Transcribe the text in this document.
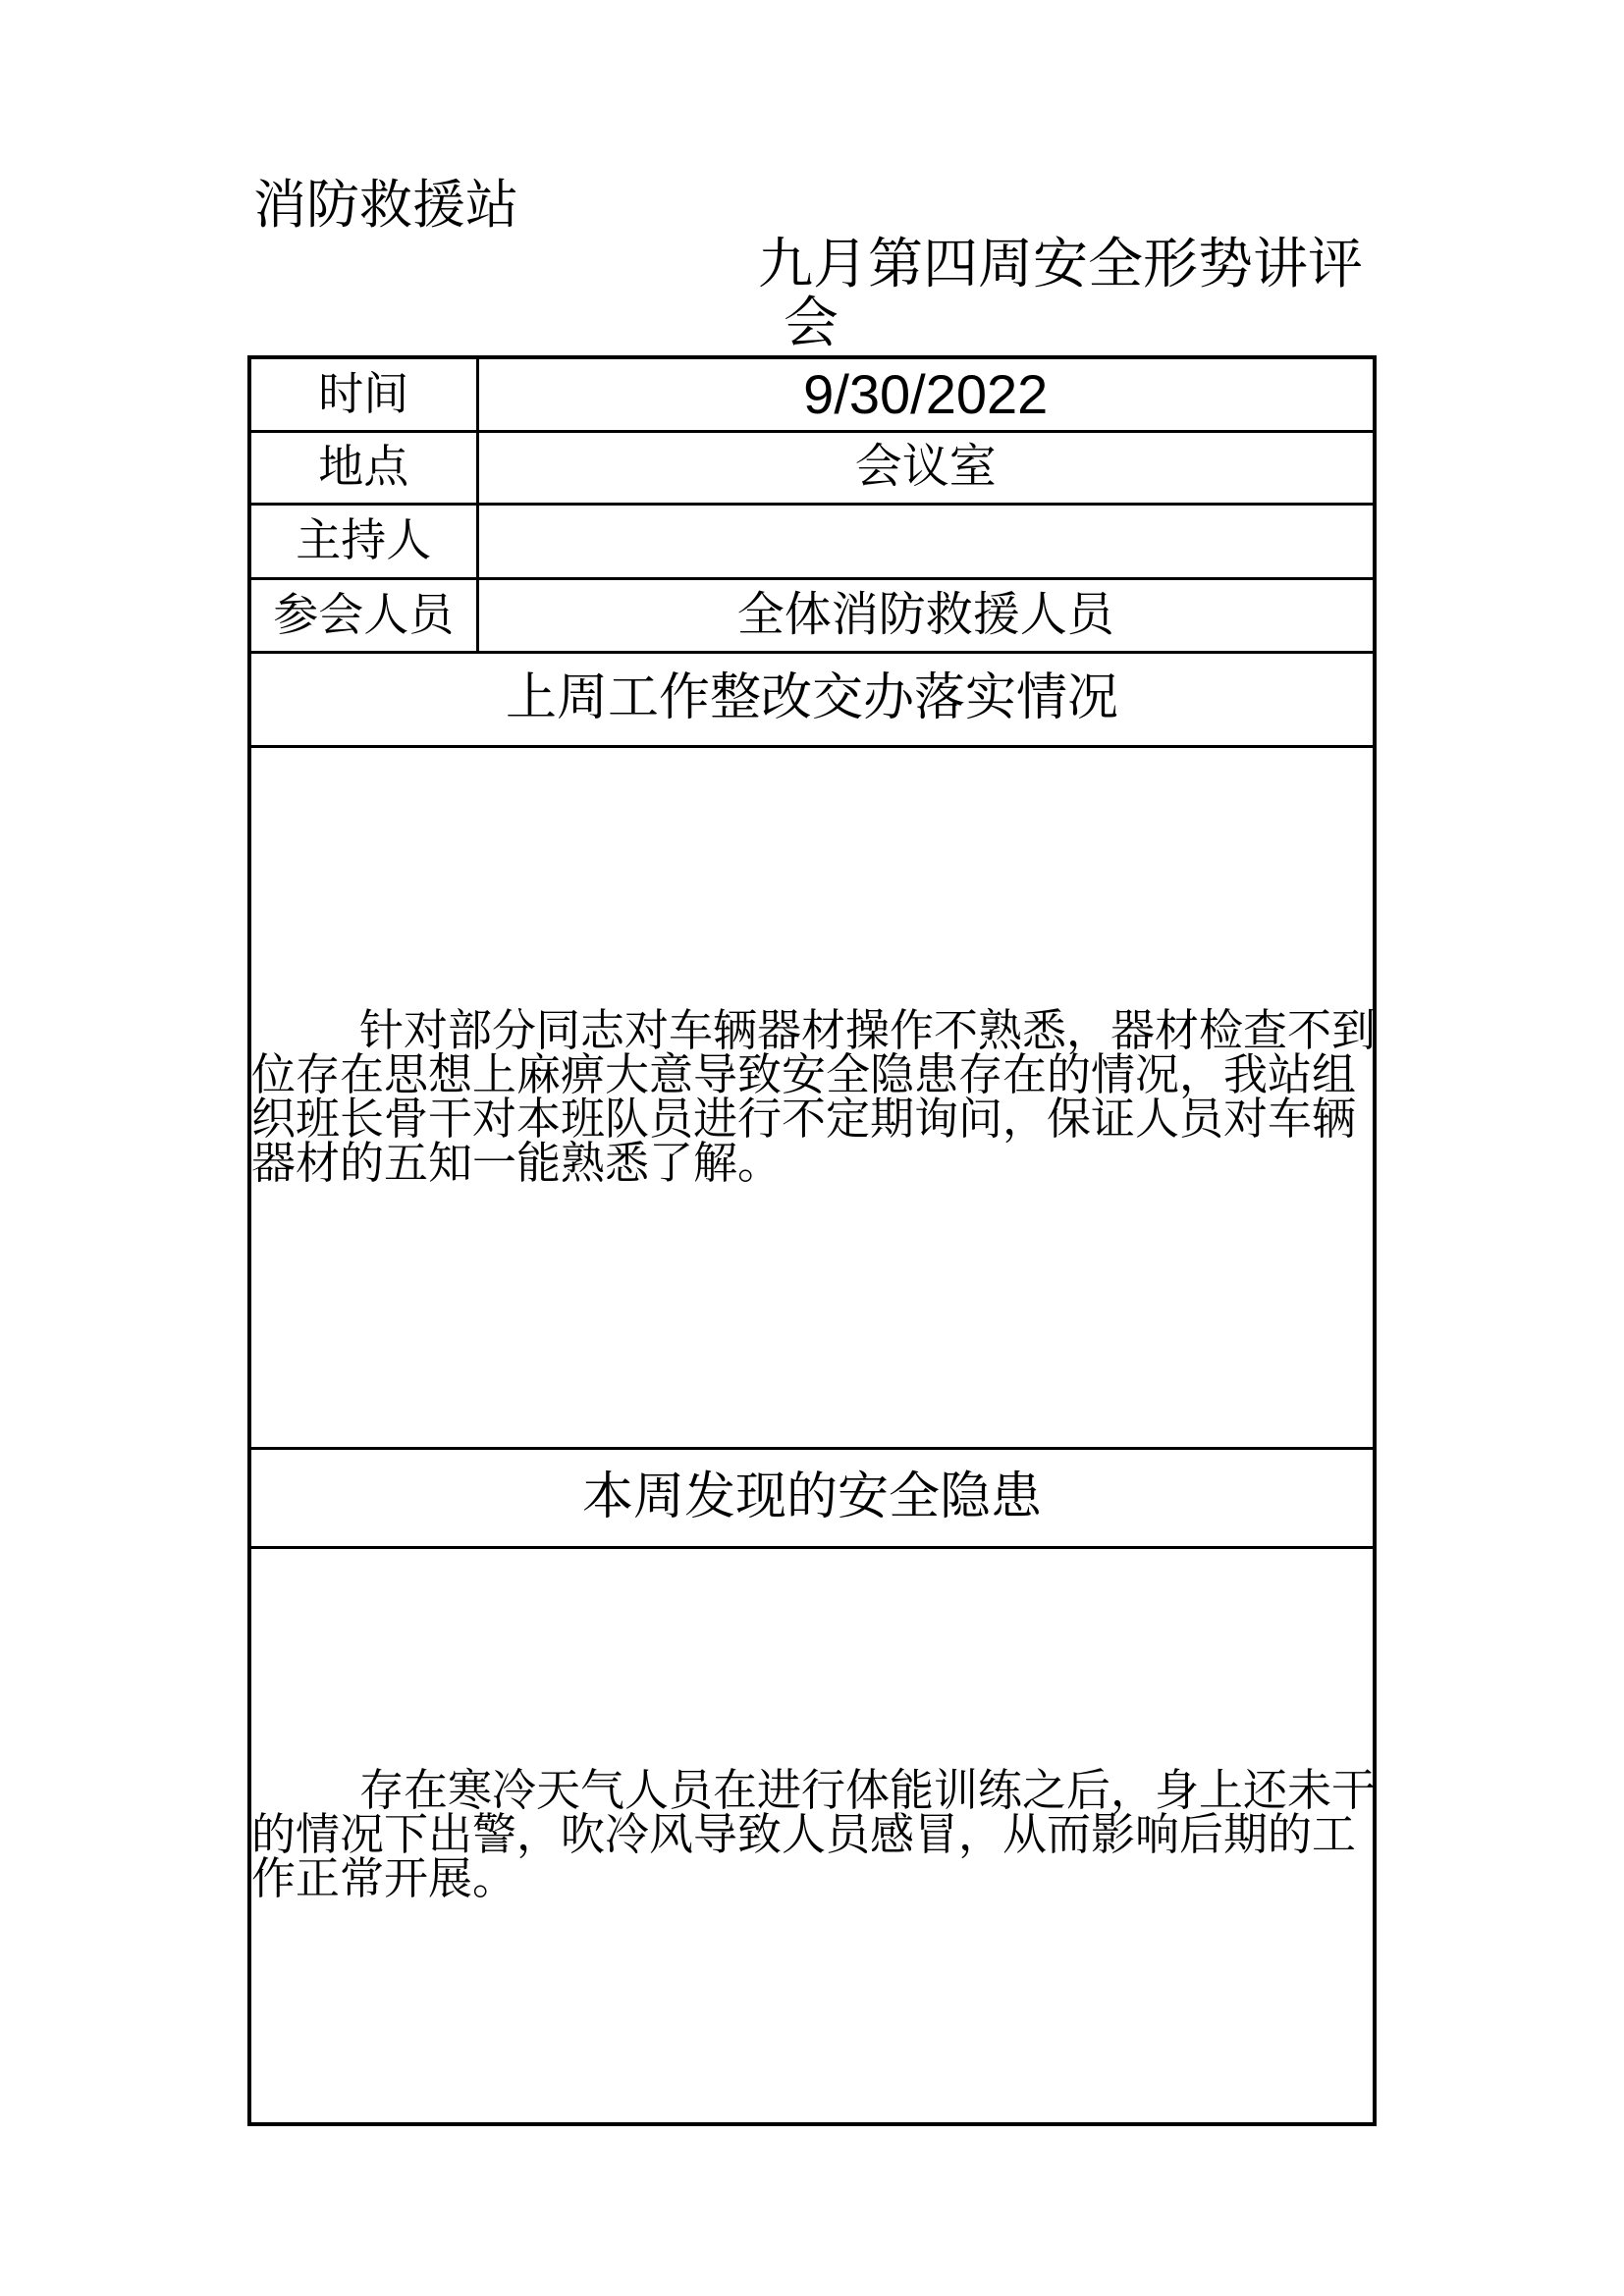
消防救援站
九月第四周安全形势讲评
会
时间	9/30/2022
地点	会议室
主持人	
参会人员	全体消防救援人员
上周工作整改交办落实情况	

针对部分同志对车辆器材操作不熟悉，器材检查不到
位存在思想上麻痹大意导致安全隐患存在的情况，我站组
织班长骨干对本班队员进行不定期询问，保证人员对车辆
器材的五知一能熟悉了解。	

本周发现的安全隐患	

存在寒冷天气人员在进行体能训练之后，身上还未干
的情况下出警，吹冷风导致人员感冒，从而影响后期的工
作正常开展。	
